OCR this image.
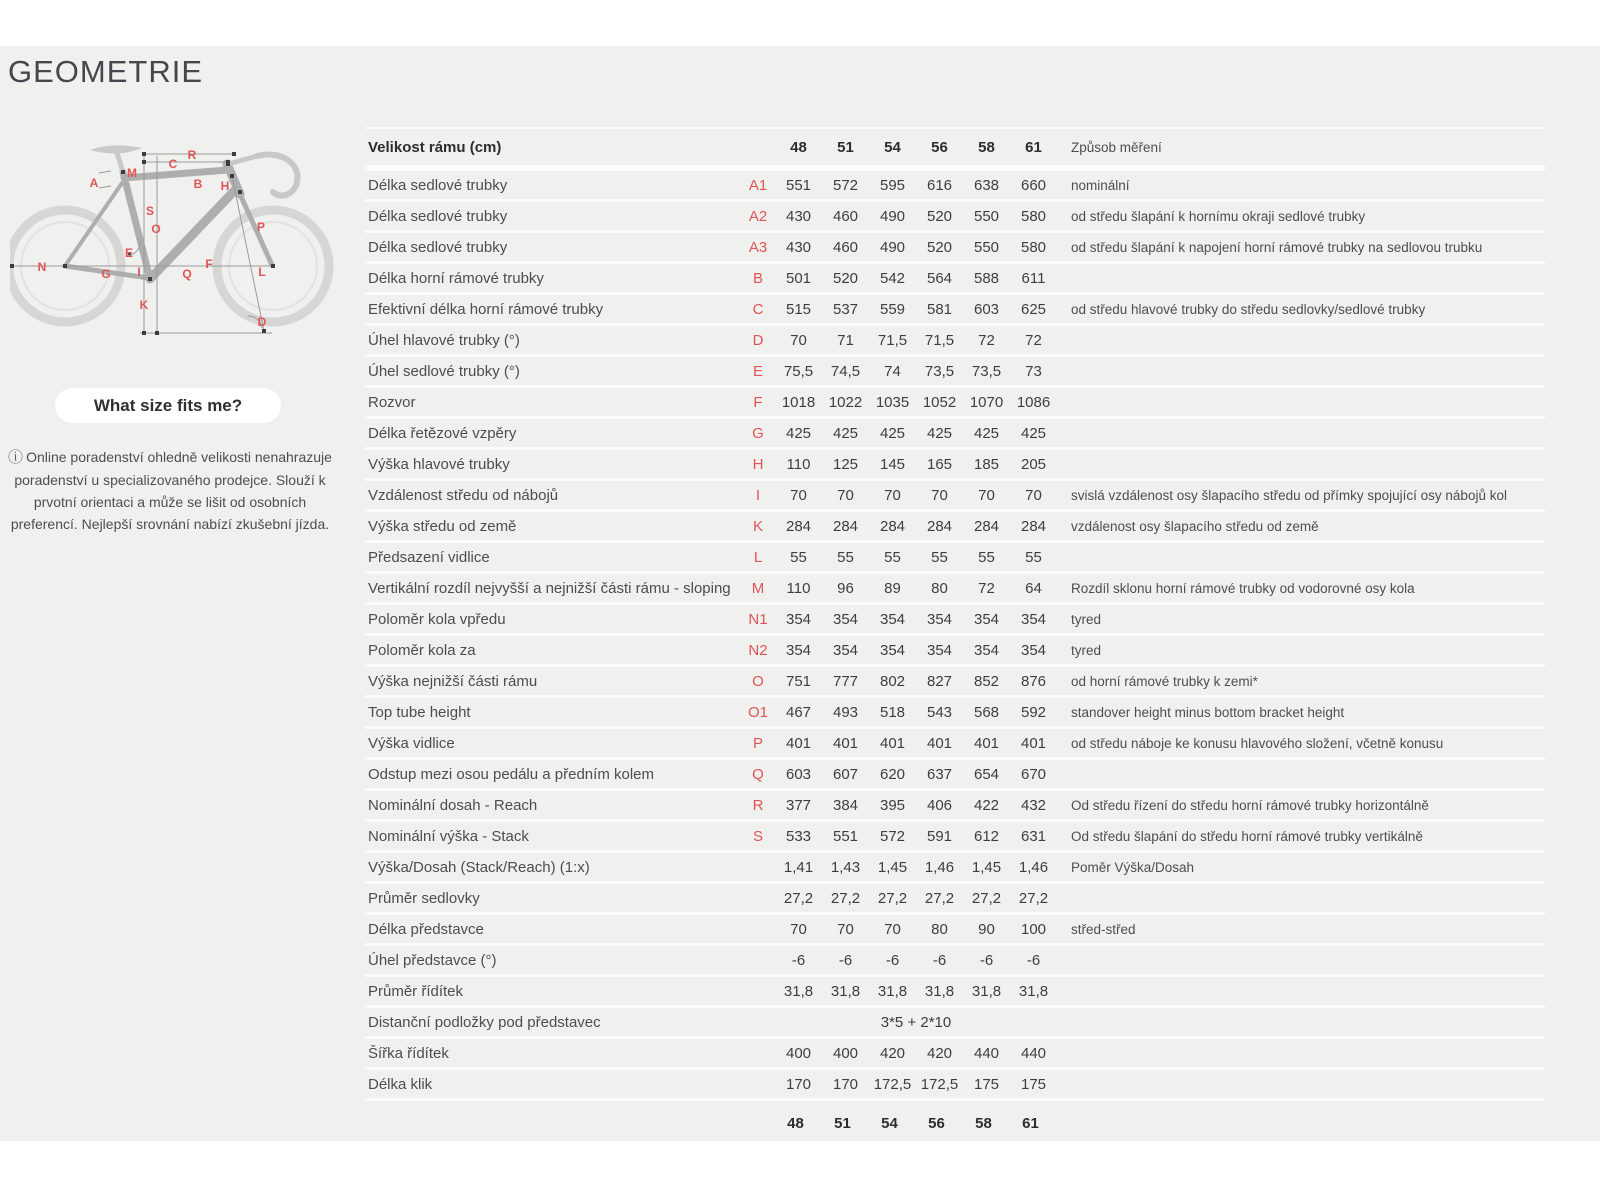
GEOMETRIE
A
M
C
R
B H
S
O
E
N	G I	Q
F
L
P
K
D
What size fits me?
ⓘ Online poradenství ohledně velikosti nenahrazuje poradenství u specializovaného prodejce. Slouží k prvotní orientaci a může se lišit od osobních preferencí. Nejlepší srovnání nabízí zkušební jízda.
Velikost rámu (cm)	48	51	54	56	58	61	Způsob měření
Délka sedlové trubky	A1	551	572	595	616	638	660	nominální
Délka sedlové trubky	A2	430	460	490	520	550	580	od středu šlapání k hornímu okraji sedlové trubky
Délka sedlové trubky	A3	430	460	490	520	550	580	od středu šlapání k napojení horní rámové trubky na sedlovou trubku
Délka horní rámové trubky	B	501	520	542	564	588	611
Efektivní délka horní rámové trubky	C	515	537	559	581	603	625	od středu hlavové trubky do středu sedlovky/sedlové trubky
Úhel hlavové trubky (°)	D	70	71	71,5	71,5	72	72
Úhel sedlové trubky (°)	E	75,5	74,5	74	73,5	73,5	73
Rozvor	F	1018 1022 1035 1052 1070 1086
Délka řetězové vzpěry	G	425	425	425	425	425	425
Výška hlavové trubky	H	110	125	145	165	185	205
Vzdálenost středu od nábojů	I	70	70	70	70	70	70	svislá vzdálenost osy šlapacího středu od přímky spojující osy nábojů kol
Výška středu od země	K	284	284	284	284	284	284	vzdálenost osy šlapacího středu od země
Předsazení vidlice	L	55	55	55	55	55	55
Vertikální rozdíl nejvyšší a nejnižší části rámu - sloping	M	110	96	89	80	72	64	Rozdíl sklonu horní rámové trubky od vodorovné osy kola
Poloměr kola vpředu	N1	354	354	354	354	354	354	tyred
Poloměr kola za	N2	354	354	354	354	354	354	tyred
Výška nejnižší části rámu	O	751	777	802	827	852	876	od horní rámové trubky k zemi*
Top tube height	O1	467	493	518	543	568	592	standover height minus bottom bracket height
Výška vidlice	P	401	401	401	401	401	401	od středu náboje ke konusu hlavového složení, včetně konusu
Odstup mezi osou pedálu a předním kolem	Q	603	607	620	637	654	670
Nominální dosah - Reach	R	377	384	395	406	422	432	Od středu řízení do středu horní rámové trubky horizontálně
Nominální výška - Stack	S	533	551	572	591	612	631	Od středu šlapání do středu horní rámové trubky vertikálně
Výška/Dosah (Stack/Reach) (1:x)	1,41	1,43	1,45	1,46	1,45	1,46	Poměr Výška/Dosah
Průměr sedlovky	27,2	27,2	27,2	27,2	27,2	27,2
Délka představce	70	70	70	80	90	100	střed-střed
Úhel představce (°)	-6	-6	-6	-6	-6	-6
Průměr řídítek	31,8	31,8	31,8	31,8	31,8	31,8
Distanční podložky pod představec	3*5 + 2*10
Šířka řídítek	400	400	420	420	440	440
Délka klik	170	170	172,5 172,5	175	175
48	51	54	56	58	61
